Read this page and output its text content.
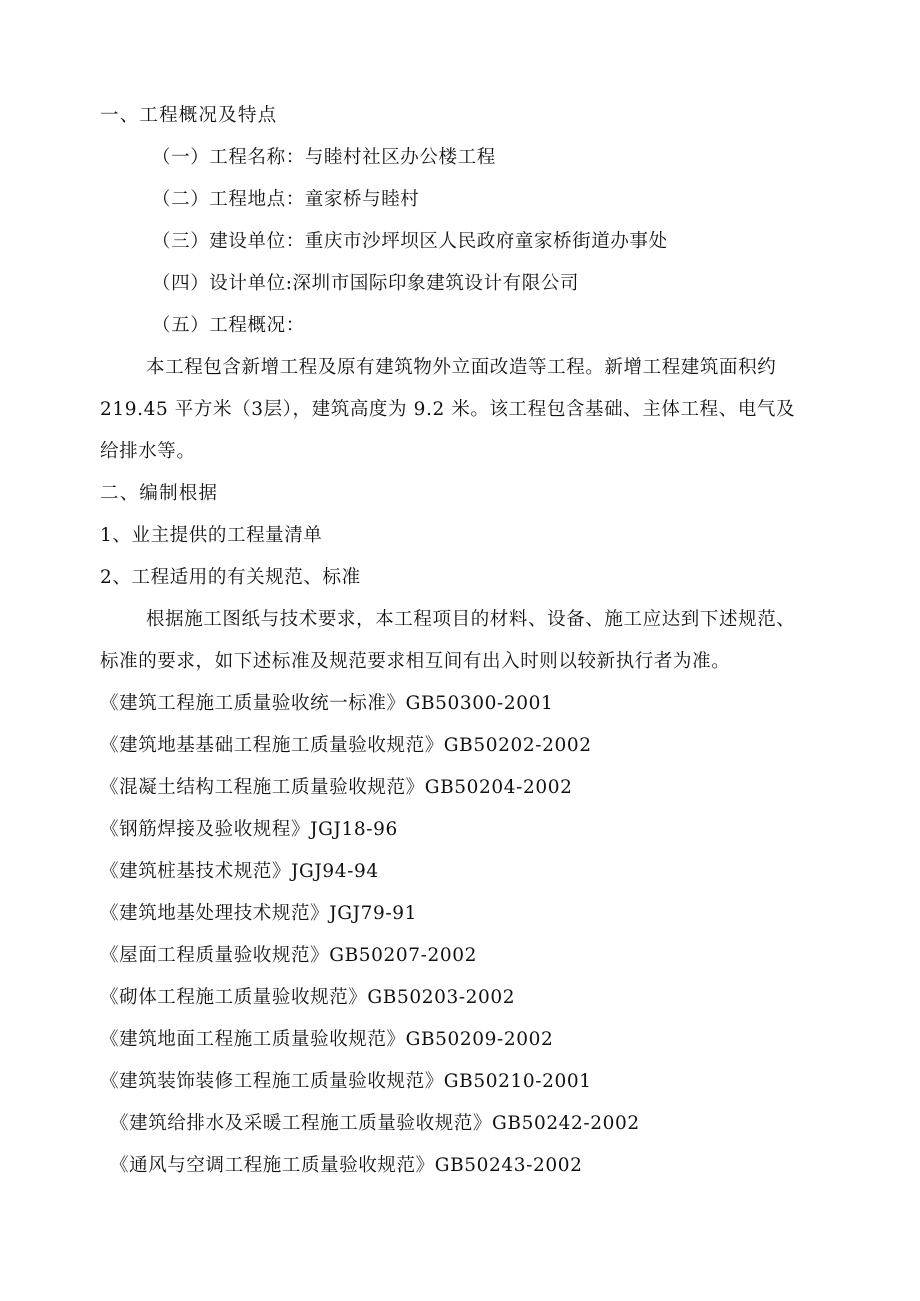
一、工程概况及特点
（一）工程名称：与睦村社区办公楼工程
（二）工程地点：童家桥与睦村
（三）建设单位：重庆市沙坪坝区人民政府童家桥街道办事处
（四）设计单位:深圳市国际印象建筑设计有限公司
（五）工程概况：
本工程包含新增工程及原有建筑物外立面改造等工程。新增工程建筑面积约
219.45 平方米（3层），建筑高度为 9.2 米。该工程包含基础、主体工程、电气及
给排水等。
二、编制根据
1、业主提供的工程量清单
2、工程适用的有关规范、标准
根据施工图纸与技术要求，本工程项目的材料、设备、施工应达到下述规范、
标准的要求，如下述标准及规范要求相互间有出入时则以较新执行者为准。
《建筑工程施工质量验收统一标准》GB50300-2001
《建筑地基基础工程施工质量验收规范》GB50202-2002
《混凝土结构工程施工质量验收规范》GB50204-2002
《钢筋焊接及验收规程》JGJ18-96
《建筑桩基技术规范》JGJ94-94
《建筑地基处理技术规范》JGJ79-91
《屋面工程质量验收规范》GB50207-2002
《砌体工程施工质量验收规范》GB50203-2002
《建筑地面工程施工质量验收规范》GB50209-2002
《建筑装饰装修工程施工质量验收规范》GB50210-2001
《建筑给排水及采暖工程施工质量验收规范》GB50242-2002
《通风与空调工程施工质量验收规范》GB50243-2002
